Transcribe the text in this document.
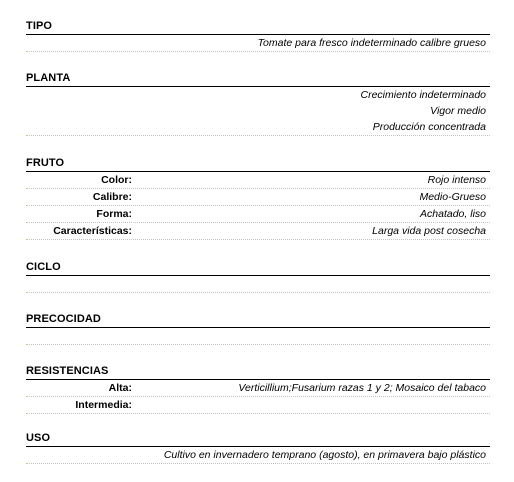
TIPO
Tomate para fresco indeterminado calibre grueso
PLANTA
Crecimiento indeterminado
Vigor medio
Producción concentrada
FRUTO
Color:	Rojo intenso
Calibre:	Medio-Grueso
Forma:	Achatado, liso
Características:	Larga vida post cosecha
CICLO
PRECOCIDAD
RESISTENCIAS
Alta:	Verticillium;Fusarium razas 1 y 2; Mosaico del tabaco
Intermedia:
USO
Cultivo en invernadero temprano (agosto), en primavera bajo plástico
